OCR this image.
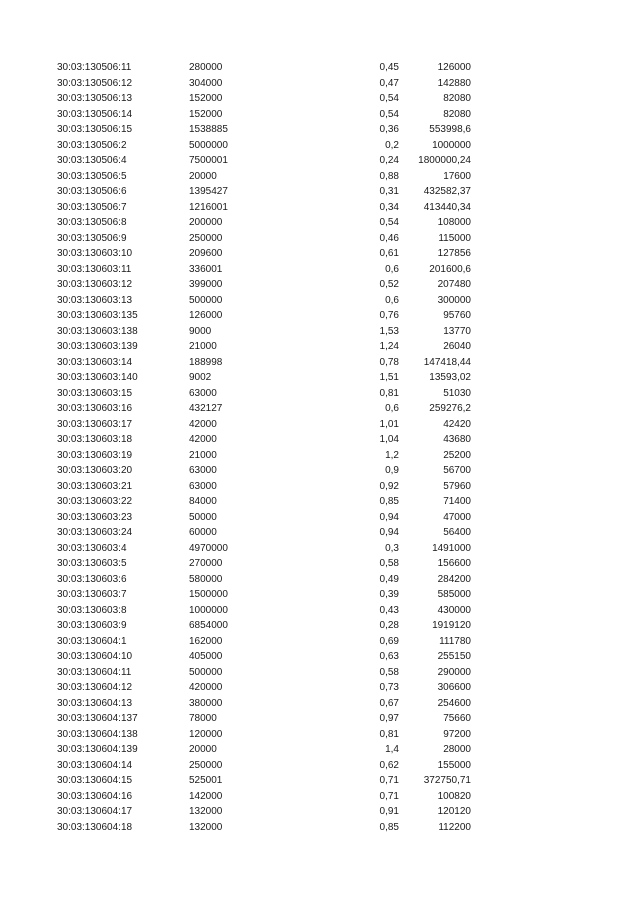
30:03:130506:11	280000	0,45	126000
30:03:130506:12	304000	0,47	142880
30:03:130506:13	152000	0,54	82080
30:03:130506:14	152000	0,54	82080
30:03:130506:15	1538885	0,36	553998,6
30:03:130506:2	5000000	0,2	1000000
30:03:130506:4	7500001	0,24	1800000,24
30:03:130506:5	20000	0,88	17600
30:03:130506:6	1395427	0,31	432582,37
30:03:130506:7	1216001	0,34	413440,34
30:03:130506:8	200000	0,54	108000
30:03:130506:9	250000	0,46	115000
30:03:130603:10	209600	0,61	127856
30:03:130603:11	336001	0,6	201600,6
30:03:130603:12	399000	0,52	207480
30:03:130603:13	500000	0,6	300000
30:03:130603:135	126000	0,76	95760
30:03:130603:138	9000	1,53	13770
30:03:130603:139	21000	1,24	26040
30:03:130603:14	188998	0,78	147418,44
30:03:130603:140	9002	1,51	13593,02
30:03:130603:15	63000	0,81	51030
30:03:130603:16	432127	0,6	259276,2
30:03:130603:17	42000	1,01	42420
30:03:130603:18	42000	1,04	43680
30:03:130603:19	21000	1,2	25200
30:03:130603:20	63000	0,9	56700
30:03:130603:21	63000	0,92	57960
30:03:130603:22	84000	0,85	71400
30:03:130603:23	50000	0,94	47000
30:03:130603:24	60000	0,94	56400
30:03:130603:4	4970000	0,3	1491000
30:03:130603:5	270000	0,58	156600
30:03:130603:6	580000	0,49	284200
30:03:130603:7	1500000	0,39	585000
30:03:130603:8	1000000	0,43	430000
30:03:130603:9	6854000	0,28	1919120
30:03:130604:1	162000	0,69	111780
30:03:130604:10	405000	0,63	255150
30:03:130604:11	500000	0,58	290000
30:03:130604:12	420000	0,73	306600
30:03:130604:13	380000	0,67	254600
30:03:130604:137	78000	0,97	75660
30:03:130604:138	120000	0,81	97200
30:03:130604:139	20000	1,4	28000
30:03:130604:14	250000	0,62	155000
30:03:130604:15	525001	0,71	372750,71
30:03:130604:16	142000	0,71	100820
30:03:130604:17	132000	0,91	120120
30:03:130604:18	132000	0,85	112200
